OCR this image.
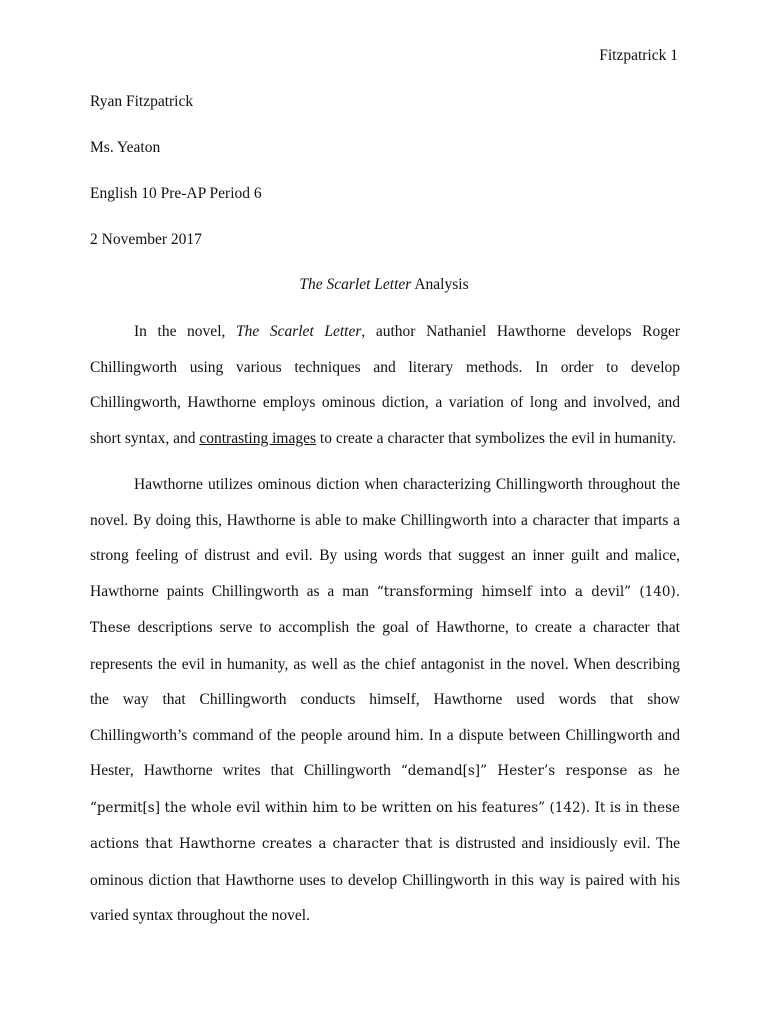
Fitzpatrick 1
Ryan Fitzpatrick
Ms. Yeaton
English 10 Pre-AP Period 6
2 November 2017
The Scarlet Letter Analysis

In the novel, The Scarlet Letter, author Nathaniel Hawthorne develops Roger Chillingworth using various techniques and literary methods. In order to develop Chillingworth, Hawthorne employs ominous diction, a variation of long and involved, and short syntax, and contrasting images to create a character that symbolizes the evil in humanity.

Hawthorne utilizes ominous diction when characterizing Chillingworth throughout the novel. By doing this, Hawthorne is able to make Chillingworth into a character that imparts a strong feeling of distrust and evil. By using words that suggest an inner guilt and malice, Hawthorne paints Chillingworth as a man “transforming himself into a devil” (140). These descriptions serve to accomplish the goal of Hawthorne, to create a character that represents the evil in humanity, as well as the chief antagonist in the novel. When describing the way that Chillingworth conducts himself, Hawthorne used words that show Chillingworth’s command of the people around him. In a dispute between Chillingworth and Hester, Hawthorne writes that Chillingworth “demand[s]” Hester’s response as he “permit[s] the whole evil within him to be written on his features” (142). It is in these actions that Hawthorne creates a character that is distrusted and insidiously evil. The ominous diction that Hawthorne uses to develop Chillingworth in this way is paired with his varied syntax throughout the novel.
